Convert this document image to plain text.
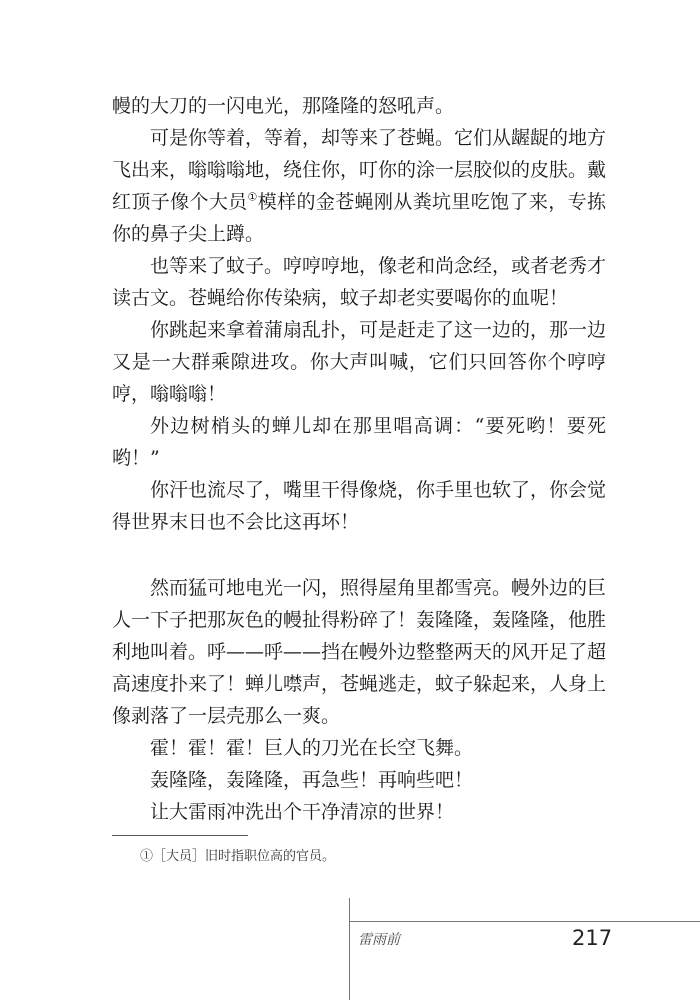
幔的大刀的一闪电光，那隆隆的怒吼声。

可是你等着，等着，却等来了苍蝇。它们从龌龊的地方飞出来，嗡嗡嗡地，绕住你，叮你的涂一层胶似的皮肤。戴红顶子像个大员①模样的金苍蝇刚从粪坑里吃饱了来，专拣你的鼻子尖上蹲。

也等来了蚊子。哼哼哼地，像老和尚念经，或者老秀才读古文。苍蝇给你传染病，蚊子却老实要喝你的血呢！

你跳起来拿着蒲扇乱扑，可是赶走了这一边的，那一边又是一大群乘隙进攻。你大声叫喊，它们只回答你个哼哼哼，嗡嗡嗡！

外边树梢头的蝉儿却在那里唱高调：“要死哟！要死哟！”

你汗也流尽了，嘴里干得像烧，你手里也软了，你会觉得世界末日也不会比这再坏！

然而猛可地电光一闪，照得屋角里都雪亮。幔外边的巨人一下子把那灰色的幔扯得粉碎了！轰隆隆，轰隆隆，他胜利地叫着。呼——呼——挡在幔外边整整两天的风开足了超高速度扑来了！蝉儿噤声，苍蝇逃走，蚊子躲起来，人身上像剥落了一层壳那么一爽。

霍！霍！霍！巨人的刀光在长空飞舞。

轰隆隆，轰隆隆，再急些！再响些吧！

让大雷雨冲洗出个干净清凉的世界！

①［大员］旧时指职位高的官员。
雷雨前	217
